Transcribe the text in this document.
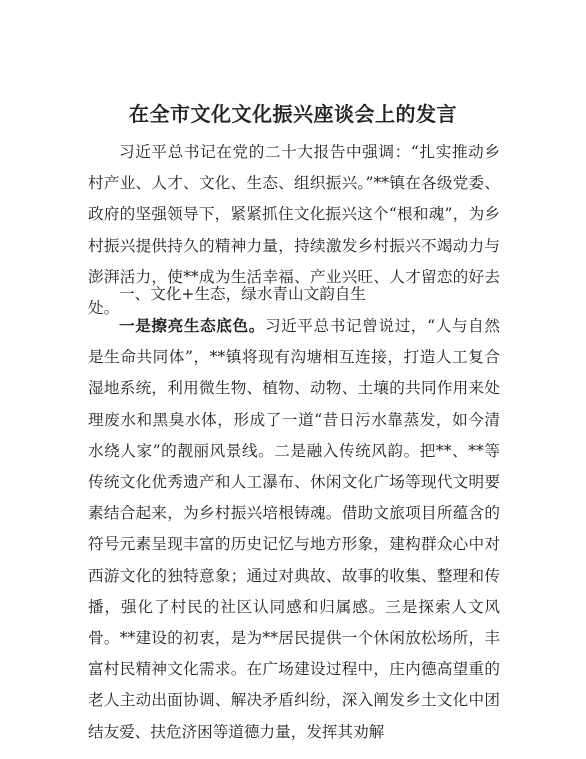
在全市文化文化振兴座谈会上的发言

习近平总书记在党的二十大报告中强调：“扎实推动乡村产业、人才、文化、生态、组织振兴。”**镇在各级党委、政府的坚强领导下，紧紧抓住文化振兴这个“根和魂”，为乡村振兴提供持久的精神力量，持续激发乡村振兴不竭动力与澎湃活力，使**成为生活幸福、产业兴旺、人才留恋的好去处。

一、文化+生态，绿水青山文韵自生

一是擦亮生态底色。习近平总书记曾说过，“人与自然是生命共同体”，**镇将现有沟塘相互连接，打造人工复合湿地系统，利用微生物、植物、动物、土壤的共同作用来处理废水和黑臭水体，形成了一道“昔日污水靠蒸发，如今清水绕人家”的靓丽风景线。二是融入传统风韵。把**、**等传统文化优秀遗产和人工瀑布、休闲文化广场等现代文明要素结合起来，为乡村振兴培根铸魂。借助文旅项目所蕴含的符号元素呈现丰富的历史记忆与地方形象，建构群众心中对西游文化的独特意象；通过对典故、故事的收集、整理和传播，强化了村民的社区认同感和归属感。三是探索人文风骨。**建设的初衷，是为**居民提供一个休闲放松场所，丰富村民精神文化需求。在广场建设过程中，庄内德高望重的老人主动出面协调、解决矛盾纠纷，深入阐发乡土文化中团结友爱、扶危济困等道德力量，发挥其劝解
